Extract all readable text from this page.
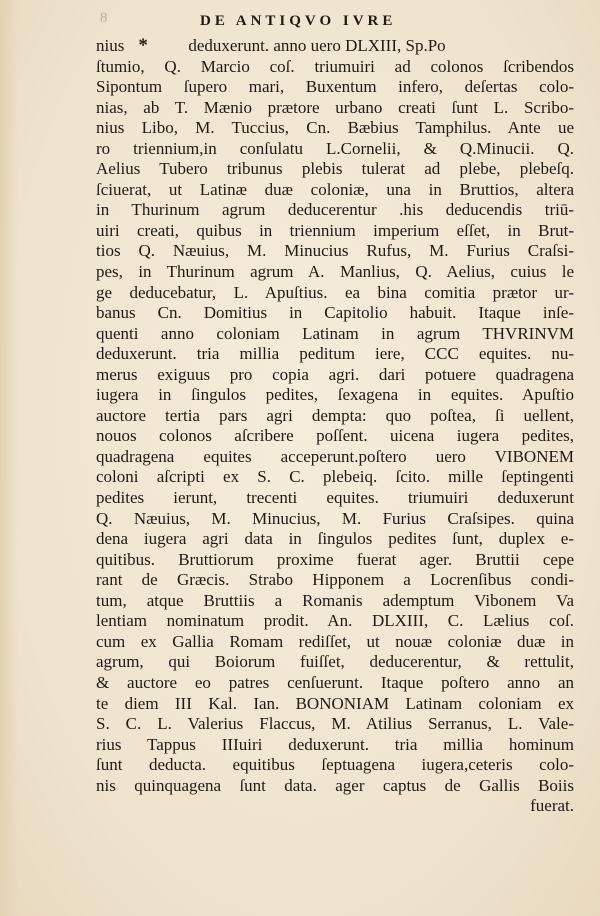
8	DE ANTIQVO IVRE
nius * deduxerunt. anno uero DLXIII, Sp.Po
ſtumio, Q. Marcio coſ. triumuiri ad colonos ſcribendos
Sipontum ſupero mari, Buxentum infero, deſertas colo-
nias, ab T. Mænio prætore urbano creati ſunt L. Scribo-
nius Libo, M. Tuccius, Cn. Bæbius Tamphilus. Ante ue
ro triennium,in conſulatu L.Cornelii, & Q.Minucii. Q.
Aelius Tubero tribunus plebis tulerat ad plebe, plebeſq.
ſciuerat, ut Latinæ duæ coloniæ, una in Bruttios, altera
in Thurinum agrum deducerentur .his deducendis triū-
uiri creati, quibus in triennium imperium eſſet, in Brut-
tios Q. Næuius, M. Minucius Rufus, M. Furius Craſsi-
pes, in Thurinum agrum A. Manlius, Q. Aelius, cuius le
ge deducebatur, L. Apuſtius. ea bina comitia prætor ur-
banus Cn. Domitius in Capitolio habuit. Itaque inſe-
quenti anno coloniam Latinam in agrum THVRINVM
deduxerunt. tria millia peditum iere, CCC equites. nu-
merus exiguus pro copia agri. dari potuere quadragena
iugera in ſingulos pedites, ſexagena in equites. Apuſtio
auctore tertia pars agri dempta: quo poſtea, ſi uellent,
nouos colonos aſcribere poſſent. uicena iugera pedites,
quadragena equites acceperunt.poſtero uero VIBONEM
coloni aſcripti ex S. C. plebeiq. ſcito. mille ſeptingenti
pedites ierunt, trecenti equites. triumuiri deduxerunt
Q. Næuius, M. Minucius, M. Furius Craſsipes. quina
dena iugera agri data in ſingulos pedites ſunt, duplex e-
quitibus. Bruttiorum proxime fuerat ager. Bruttii cepe
rant de Græcis. Strabo Hipponem a Locrenſibus condi-
tum, atque Bruttiis a Romanis ademptum Vibonem Va
lentiam nominatum prodit. An. DLXIII, C. Lælius coſ.
cum ex Gallia Romam rediſſet, ut nouæ coloniæ duæ in
agrum, qui Boiorum fuiſſet, deducerentur, & rettulit,
& auctore eo patres cenſuerunt. Itaque poſtero anno an
te diem III Kal. Ian. BONONIAM Latinam coloniam ex
S. C. L. Valerius Flaccus, M. Atilius Serranus, L. Vale-
rius Tappus IIIuiri deduxerunt. tria millia hominum
ſunt deducta. equitibus ſeptuagena iugera,ceteris colo-
nis quinquagena ſunt data. ager captus de Gallis Boiis
fuerat.
